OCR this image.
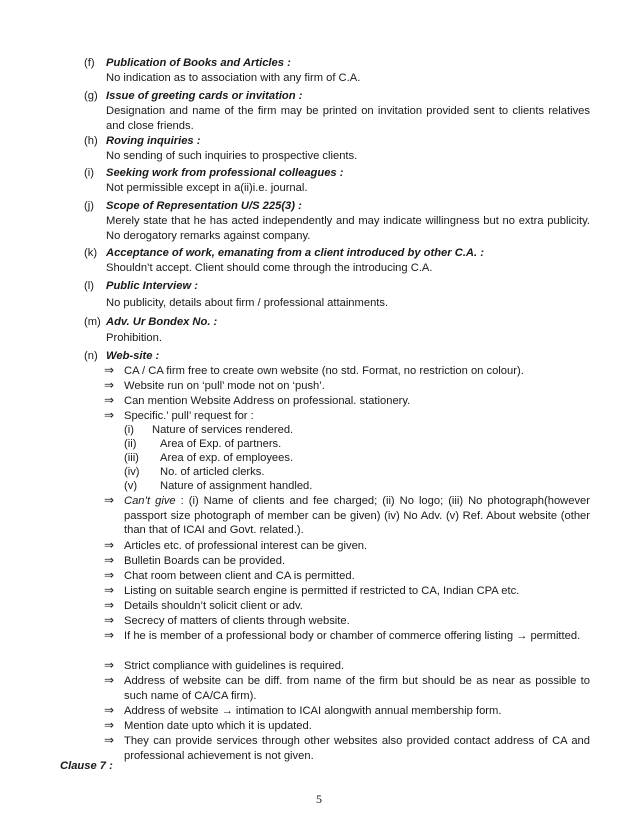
(f)	Publication of Books and Articles :
No indication as to association with any firm of C.A.
(g) Issue of greeting cards or invitation :
Designation and name of the firm may be printed on invitation provided sent to clients relatives and close friends.
(h) Roving inquiries :
No sending of such inquiries to prospective clients.
(i)	Seeking work from professional colleagues :
Not permissible except in a(ii)i.e. journal.
(j)	Scope of Representation U/S 225(3) :
Merely state that he has acted independently and may indicate willingness but no extra publicity. No derogatory remarks against company.
(k) Acceptance of work, emanating from a client introduced by other C.A. :
Shouldn’t accept. Client should come through the introducing C.A.
(l)	Public Interview :
No publicity, details about firm / professional attainments.
(m) Adv. Ur Bondex No. :
Prohibition.
(n) Web-site :
⇒ CA / CA firm free to create own website (no std. Format, no restriction on colour).
⇒ Website run on ‘pull’ mode not on ‘push’.
⇒ Can mention Website Address on professional. stationery.
⇒ Specific.’ pull’ request for :
(i) Nature of services rendered.
(ii) Area of Exp. of partners.
(iii) Area of exp. of employees.
(iv) No. of articled clerks.
(v) Nature of assignment handled.
⇒ Can’t give : (i) Name of clients and fee charged; (ii) No logo; (iii) No photograph(however passport size photograph of member can be given) (iv) No Adv. (v) Ref. About website (other than that of ICAI and Govt. related.).
⇒ Articles etc. of professional interest can be given.
⇒ Bulletin Boards can be provided.
⇒ Chat room between client and CA is permitted.
⇒ Listing on suitable search engine is permitted if restricted to CA, Indian CPA etc.
⇒ Details shouldn’t solicit client or adv.
⇒ Secrecy of matters of clients through website.
⇒ If he is member of a professional body or chamber of commerce offering listing → permitted.
⇒ Strict compliance with guidelines is required.
⇒ Address of website can be diff. from name of the firm but should be as near as possible to such name of CA/CA firm).
⇒ Address of website → intimation to ICAI alongwith annual membership form.
⇒ Mention date upto which it is updated.
⇒ They can provide services through other websites also provided contact address of CA and professional achievement is not given.
Clause 7 :
5
